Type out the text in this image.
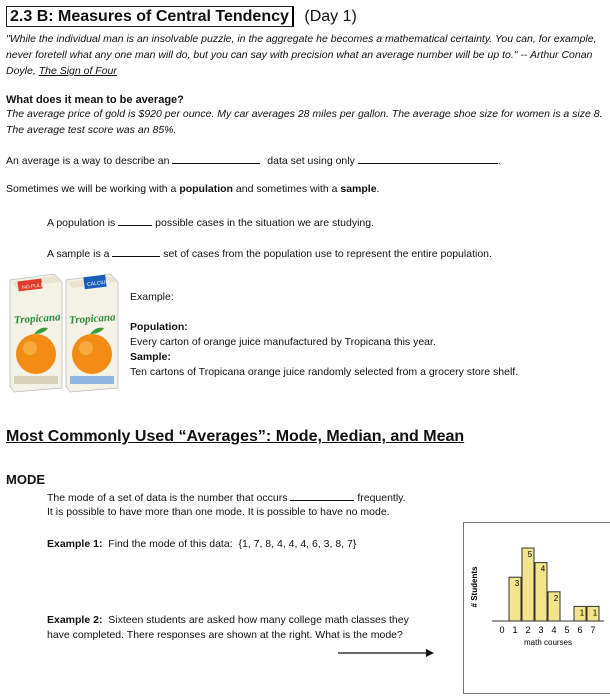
2.3 B: Measures of Central Tendency (Day 1)
"While the individual man is an insolvable puzzle, in the aggregate he becomes a mathematical certainty. You can, for example, never foretell what any one man will do, but you can say with precision what an average number will be up to." -- Arthur Conan Doyle, The Sign of Four
What does it mean to be average?
The average price of gold is $920 per ounce. My car averages 28 miles per gallon. The average shoe size for women is a size 8. The average test score was an 85%.
An average is a way to describe an	data set using only	.
Sometimes we will be working with a population and sometimes with a sample.
A population is	possible cases in the situation we are studying.
A sample is a	set of cases from the population use to represent the entire population.
NO PULP
Tropicana
CALCIUM
Tropicana
Example:
Population:
Every carton of orange juice manufactured by Tropicana this year.
Sample:
Ten cartons of Tropicana orange juice randomly selected from a grocery store shelf.
Most Commonly Used “Averages”: Mode, Median, and Mean
MODE
The mode of a set of data is the number that occurs	frequently.
It is possible to have more than one mode. It is possible to have no mode.
Example 1:  Find the mode of this data:  {1, 7, 8, 4, 4, 4, 6, 3, 8, 7}
Example 2:  Sixteen students are asked how many college math classes they
have completed. There responses are shown at the right. What is the mode?
# Students
0 1 2 3 4 5 6 7
3
5
4
2
1 1
math courses
